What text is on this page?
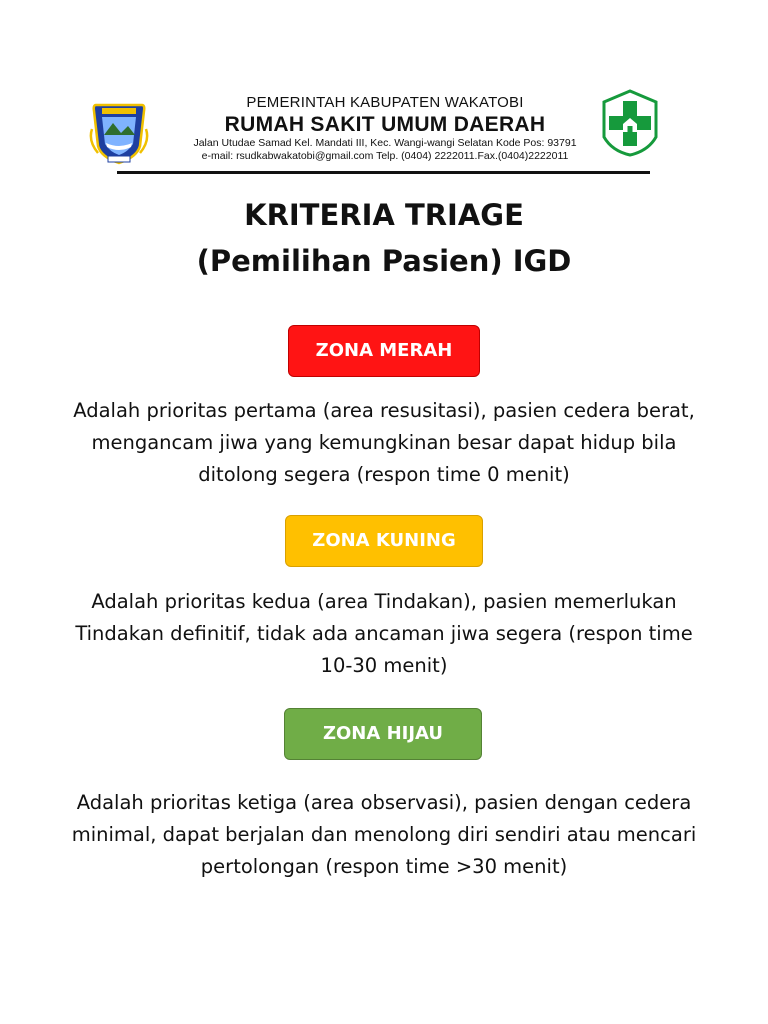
PEMERINTAH KABUPATEN WAKATOBI
RUMAH SAKIT UMUM DAERAH
Jalan Utudae Samad Kel. Mandati III, Kec. Wangi-wangi Selatan Kode Pos: 93791
e-mail: rsudkabwakatobi@gmail.com Telp. (0404) 2222011.Fax.(0404)2222011
KRITERIA TRIAGE
(Pemilihan Pasien) IGD
ZONA MERAH
Adalah prioritas pertama (area resusitasi), pasien cedera berat, mengancam jiwa yang kemungkinan besar dapat hidup bila ditolong segera (respon time 0 menit)
ZONA KUNING
Adalah prioritas kedua (area Tindakan), pasien memerlukan Tindakan definitif, tidak ada ancaman jiwa segera (respon time 10-30 menit)
ZONA HIJAU
Adalah prioritas ketiga (area observasi), pasien dengan cedera minimal, dapat berjalan dan menolong diri sendiri atau mencari pertolongan (respon time >30 menit)
